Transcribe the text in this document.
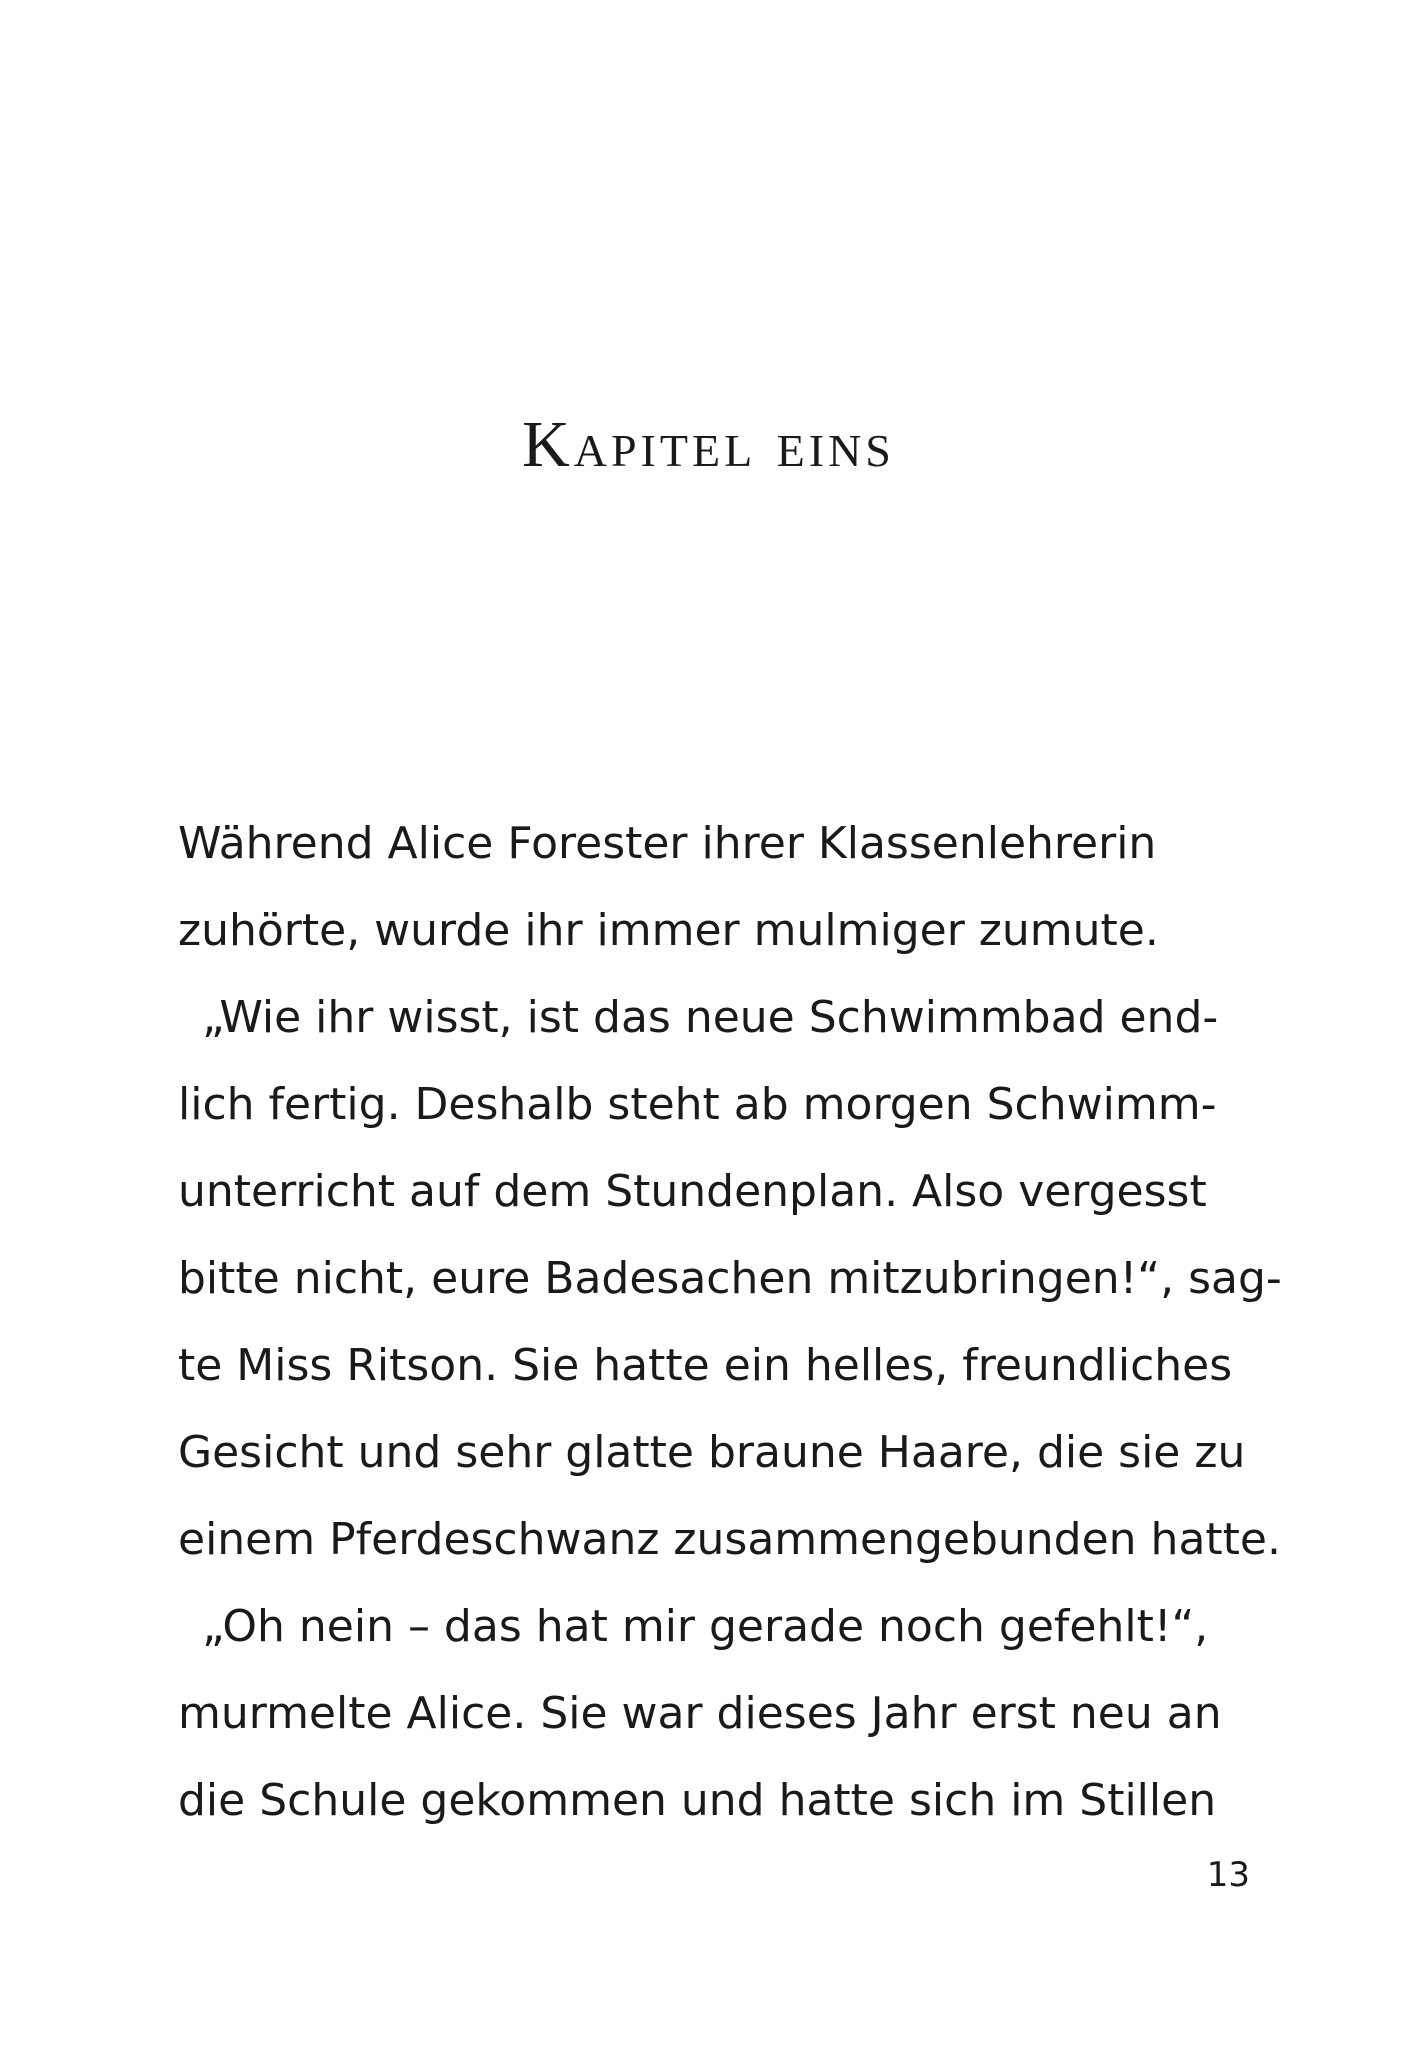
Kapitel eins
Während Alice Forester ihrer Klassenlehrerin
zuhörte, wurde ihr immer mulmiger zumute.
„Wie ihr wisst, ist das neue Schwimmbad end-
lich fertig. Deshalb steht ab morgen Schwimm-
unterricht auf dem Stundenplan. Also vergesst
bitte nicht, eure Badesachen mitzubringen!“, sag-
te Miss Ritson. Sie hatte ein helles, freundliches
Gesicht und sehr glatte braune Haare, die sie zu
einem Pferdeschwanz zusammengebunden hatte.
„Oh nein – das hat mir gerade noch gefehlt!“,
murmelte Alice. Sie war dieses Jahr erst neu an
die Schule gekommen und hatte sich im Stillen
13
